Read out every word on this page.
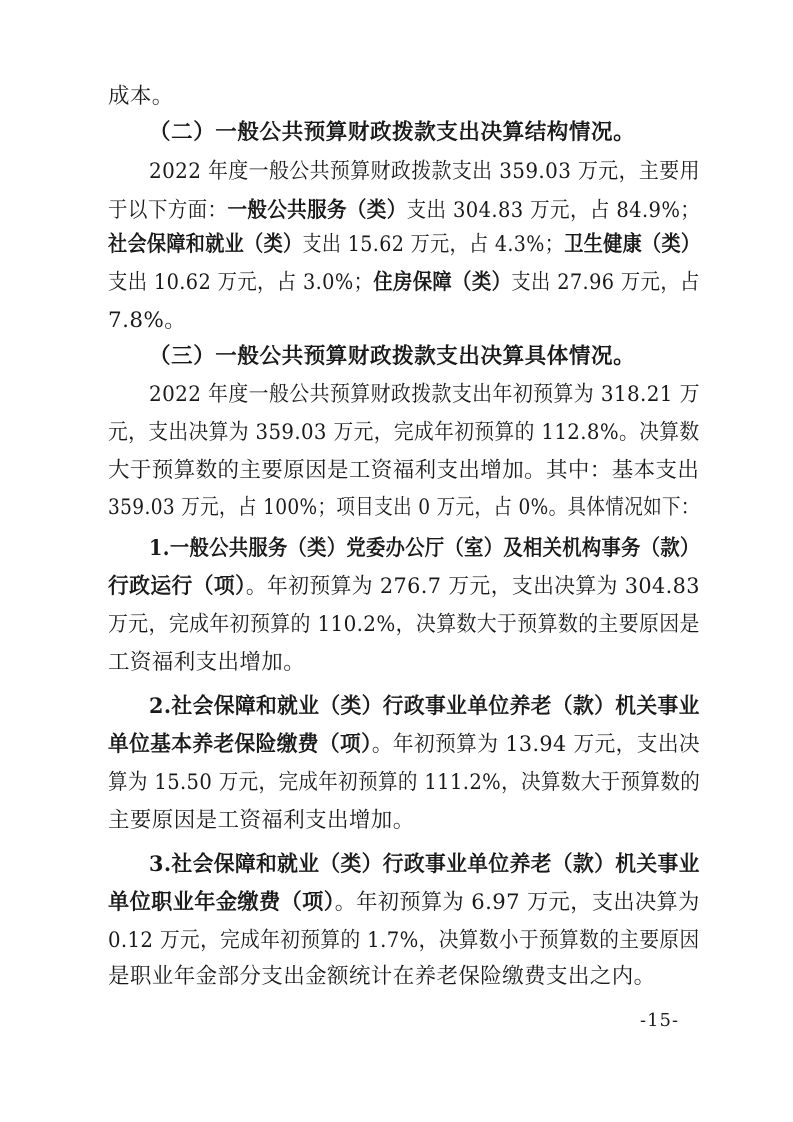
成本。
（二）一般公共预算财政拨款支出决算结构情况。
2022 年度一般公共预算财政拨款支出 359.03 万元，主要用
于以下方面：一般公共服务（类）支出 304.83 万元，占 84.9%；
社会保障和就业（类）支出 15.62 万元，占 4.3%；卫生健康（类）
支出 10.62 万元，占 3.0%；住房保障（类）支出 27.96 万元，占
7.8%。
（三）一般公共预算财政拨款支出决算具体情况。
2022 年度一般公共预算财政拨款支出年初预算为 318.21 万
元，支出决算为 359.03 万元，完成年初预算的 112.8%。决算数
大于预算数的主要原因是工资福利支出增加。其中：基本支出
359.03 万元，占 100%；项目支出 0 万元，占 0%。具体情况如下：
1.一般公共服务（类）党委办公厅（室）及相关机构事务（款）
行政运行（项）。年初预算为 276.7 万元，支出决算为 304.83
万元，完成年初预算的 110.2%，决算数大于预算数的主要原因是
工资福利支出增加。
2.社会保障和就业（类）行政事业单位养老（款）机关事业
单位基本养老保险缴费（项）。年初预算为 13.94 万元，支出决
算为 15.50 万元，完成年初预算的 111.2%，决算数大于预算数的
主要原因是工资福利支出增加。
3.社会保障和就业（类）行政事业单位养老（款）机关事业
单位职业年金缴费（项）。年初预算为 6.97 万元，支出决算为
0.12 万元，完成年初预算的 1.7%，决算数小于预算数的主要原因
是职业年金部分支出金额统计在养老保险缴费支出之内。
-15-
